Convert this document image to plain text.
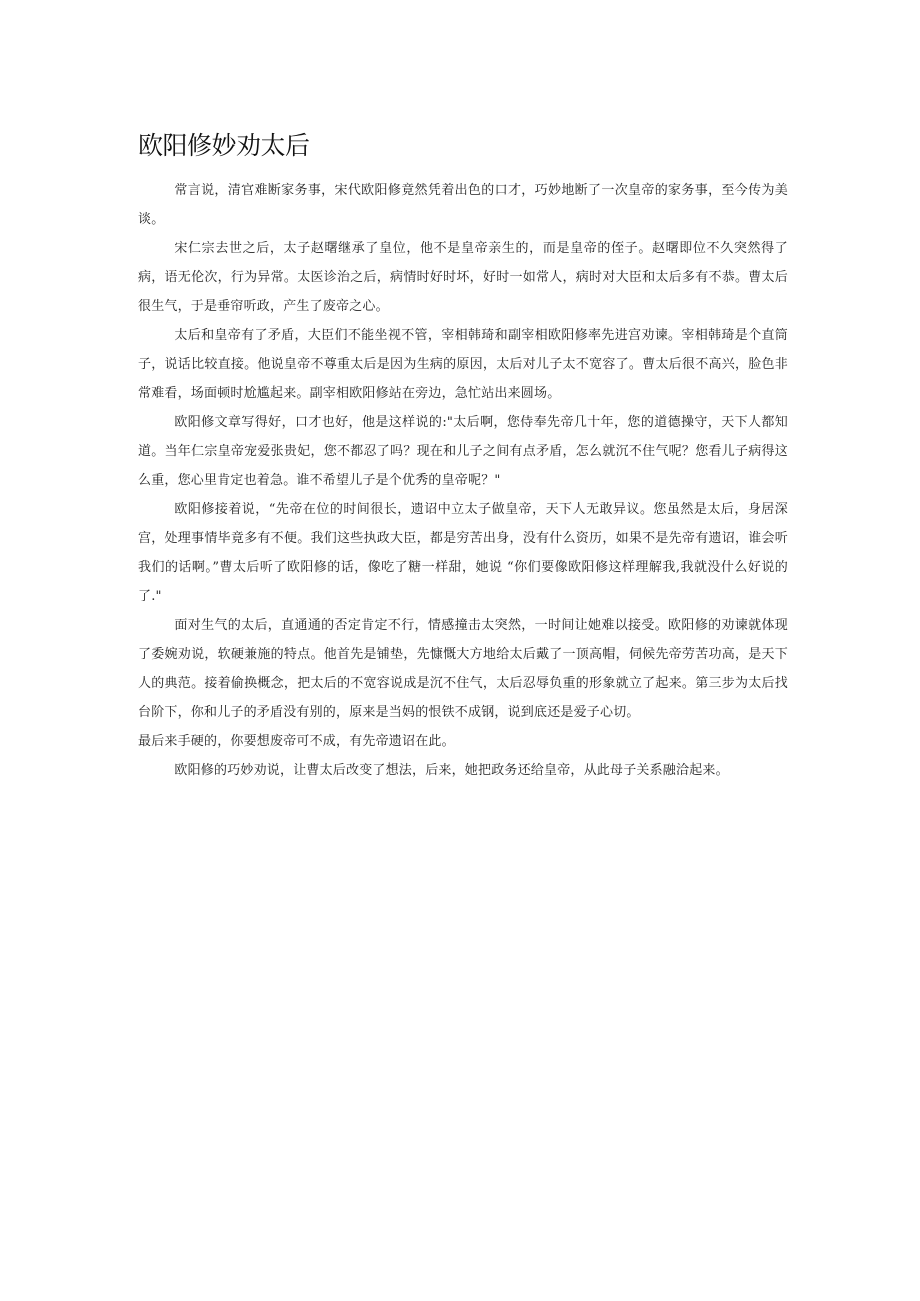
欧阳修妙劝太后

常言说，清官难断家务事，宋代欧阳修竟然凭着出色的口才，巧妙地断了一次皇帝的家务事，至今传为美谈。

宋仁宗去世之后，太子赵曙继承了皇位，他不是皇帝亲生的，而是皇帝的侄子。赵曙即位不久突然得了病，语无伦次，行为异常。太医诊治之后，病情时好时坏，好时一如常人，病时对大臣和太后多有不恭。曹太后很生气，于是垂帘听政，产生了废帝之心。

太后和皇帝有了矛盾，大臣们不能坐视不管，宰相韩琦和副宰相欧阳修率先进宫劝谏。宰相韩琦是个直筒子，说话比较直接。他说皇帝不尊重太后是因为生病的原因，太后对儿子太不宽容了。曹太后很不高兴，脸色非常难看，场面顿时尬尴起来。副宰相欧阳修站在旁边，急忙站出来圆场。

欧阳修文章写得好，口才也好，他是这样说的:"太后啊，您侍奉先帝几十年，您的道德操守，天下人都知道。当年仁宗皇帝宠爱张贵妃，您不都忍了吗？现在和儿子之间有点矛盾，怎么就沉不住气呢？您看儿子病得这么重，您心里肯定也着急。谁不希望儿子是个优秀的皇帝呢？"

欧阳修接着说，“先帝在位的时间很长，遗诏中立太子做皇帝，天下人无敢异议。您虽然是太后，身居深宫，处理事情毕竟多有不便。我们这些执政大臣，都是穷苦出身，没有什么资历，如果不是先帝有遗诏，谁会听我们的话啊。”曹太后听了欧阳修的话，像吃了糖一样甜，她说 “你们要像欧阳修这样理解我,我就没什么好说的了."

面对生气的太后，直通通的否定肯定不行，情感撞击太突然，一时间让她难以接受。欧阳修的劝谏就体现了委婉劝说，软硬兼施的特点。他首先是铺垫，先慷慨大方地给太后戴了一顶高帽，伺候先帝劳苦功高，是天下人的典范。接着偷换概念，把太后的不宽容说成是沉不住气，太后忍辱负重的形象就立了起来。第三步为太后找台阶下，你和儿子的矛盾没有别的，原来是当妈的恨铁不成钢，说到底还是爱子心切。

最后来手硬的，你要想废帝可不成，有先帝遗诏在此。

欧阳修的巧妙劝说，让曹太后改变了想法，后来，她把政务还给皇帝，从此母子关系融洽起来。
